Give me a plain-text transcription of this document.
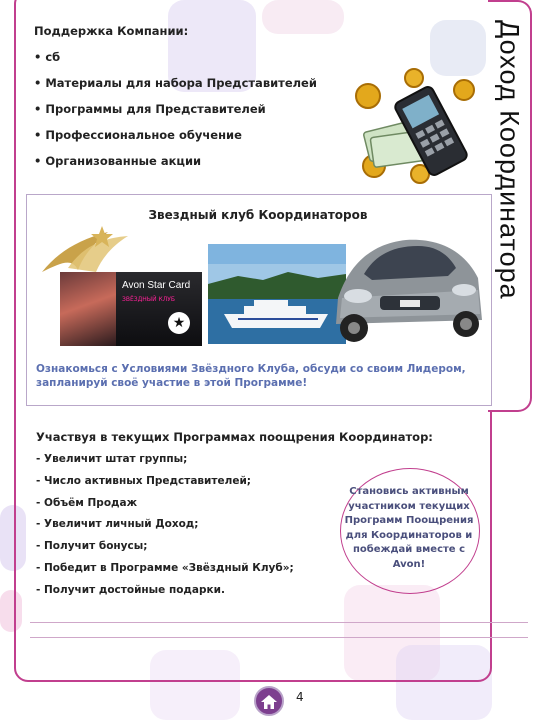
Доход Координатора
Поддержка Компании:
• сб
• Материалы для набора Представителей
• Программы для Представителей
• Профессиональное обучение
• Организованные акции
Звездный клуб Координаторов
Avon Star Card
ЗВЁЗДНЫЙ КЛУБ
★
Ознакомься с Условиями Звёздного Клуба, обсуди со своим Лидером, запланируй своё участие в этой Программе!
Участвуя в текущих Программах поощрения Координатор:
- Увеличит штат группы;
- Число активных Представителей;
- Объём Продаж
- Увеличит личный Доход;
- Получит бонусы;
- Победит в Программе «Звёздный Клуб»;
- Получит достойные подарки.
Становись активным участником текущих Программ Поощрения для Координаторов и побеждай вместе с Avon!
4
